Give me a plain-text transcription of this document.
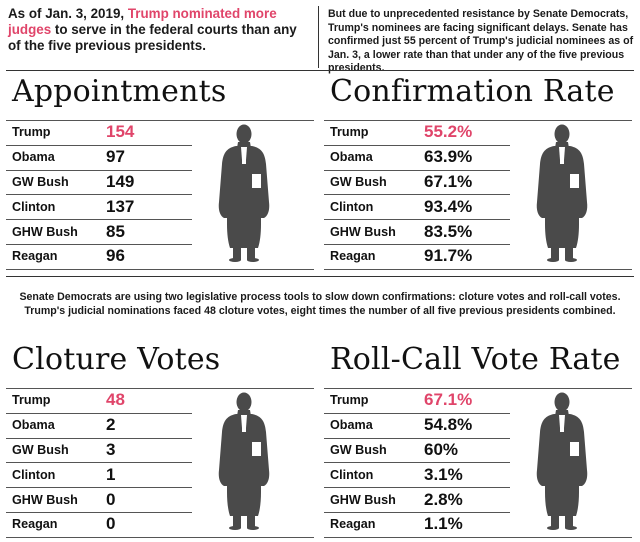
As of Jan. 3, 2019, Trump nominated more judges to serve in the federal courts than any of the five previous presidents.
But due to unprecedented resistance by Senate Democrats, Trump's nominees are facing significant delays. Senate has confirmed just 55 percent of Trump's judicial nominees as of Jan. 3, a lower rate than that under any of the five previous presidents.
Senate Democrats are using two legislative process tools to slow down confirmations: cloture votes and roll-call votes.
Trump's judicial nominations faced 48 cloture votes, eight times the number of all five previous presidents combined.
Appointments
Trump	154
Obama	97
GW Bush	149
Clinton	137
GHW Bush	85
Reagan	96
Confirmation Rate
Trump	55.2%
Obama	63.9%
GW Bush	67.1%
Clinton	93.4%
GHW Bush	83.5%
Reagan	91.7%
Cloture Votes
Trump	48
Obama	2
GW Bush	3
Clinton	1
GHW Bush	0
Reagan	0
Roll-Call Vote Rate
Trump	67.1%
Obama	54.8%
GW Bush	60%
Clinton	3.1%
GHW Bush	2.8%
Reagan	1.1%
